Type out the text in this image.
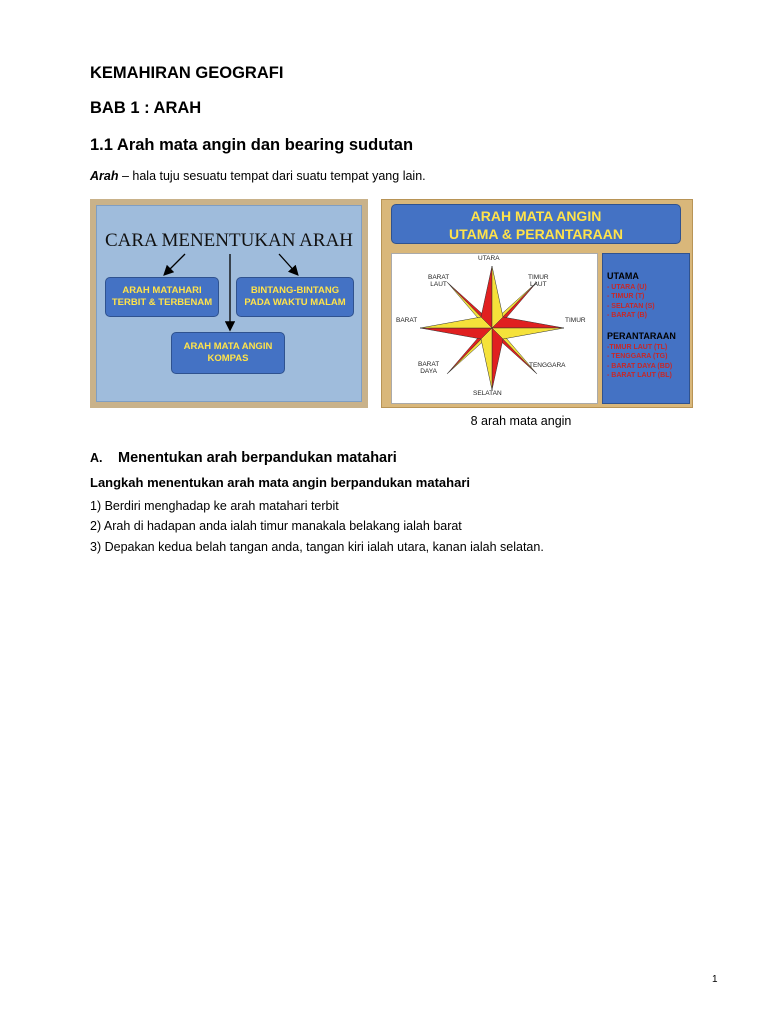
KEMAHIRAN GEOGRAFI
BAB 1 : ARAH
1.1 Arah mata angin dan bearing sudutan
Arah – hala tuju sesuatu tempat dari suatu tempat yang lain.
CARA MENENTUKAN ARAH
ARAH MATAHARI
TERBIT & TERBENAM
BINTANG-BINTANG
PADA WAKTU MALAM
ARAH MATA ANGIN
KOMPAS
ARAH MATA ANGIN
UTAMA & PERANTARAAN
UTARA
TIMUR
LAUT
TIMUR
TENGGARA
SELATAN
BARAT
DAYA
BARAT
BARAT
LAUT
UTAMA
- UTARA (U)
- TIMUR (T)
- SELATAN (S)
- BARAT (B)
PERANTARAAN
-TIMUR LAUT (TL)
- TENGGARA (TG)
- BARAT DAYA (BD)
- BARAT LAUT (BL)
8 arah mata angin
A. Menentukan arah berpandukan matahari
Langkah menentukan arah mata angin berpandukan matahari
1) Berdiri menghadap ke arah matahari terbit
2) Arah di hadapan anda ialah timur manakala belakang ialah barat
3) Depakan kedua belah tangan anda, tangan kiri ialah utara, kanan ialah selatan.
1
